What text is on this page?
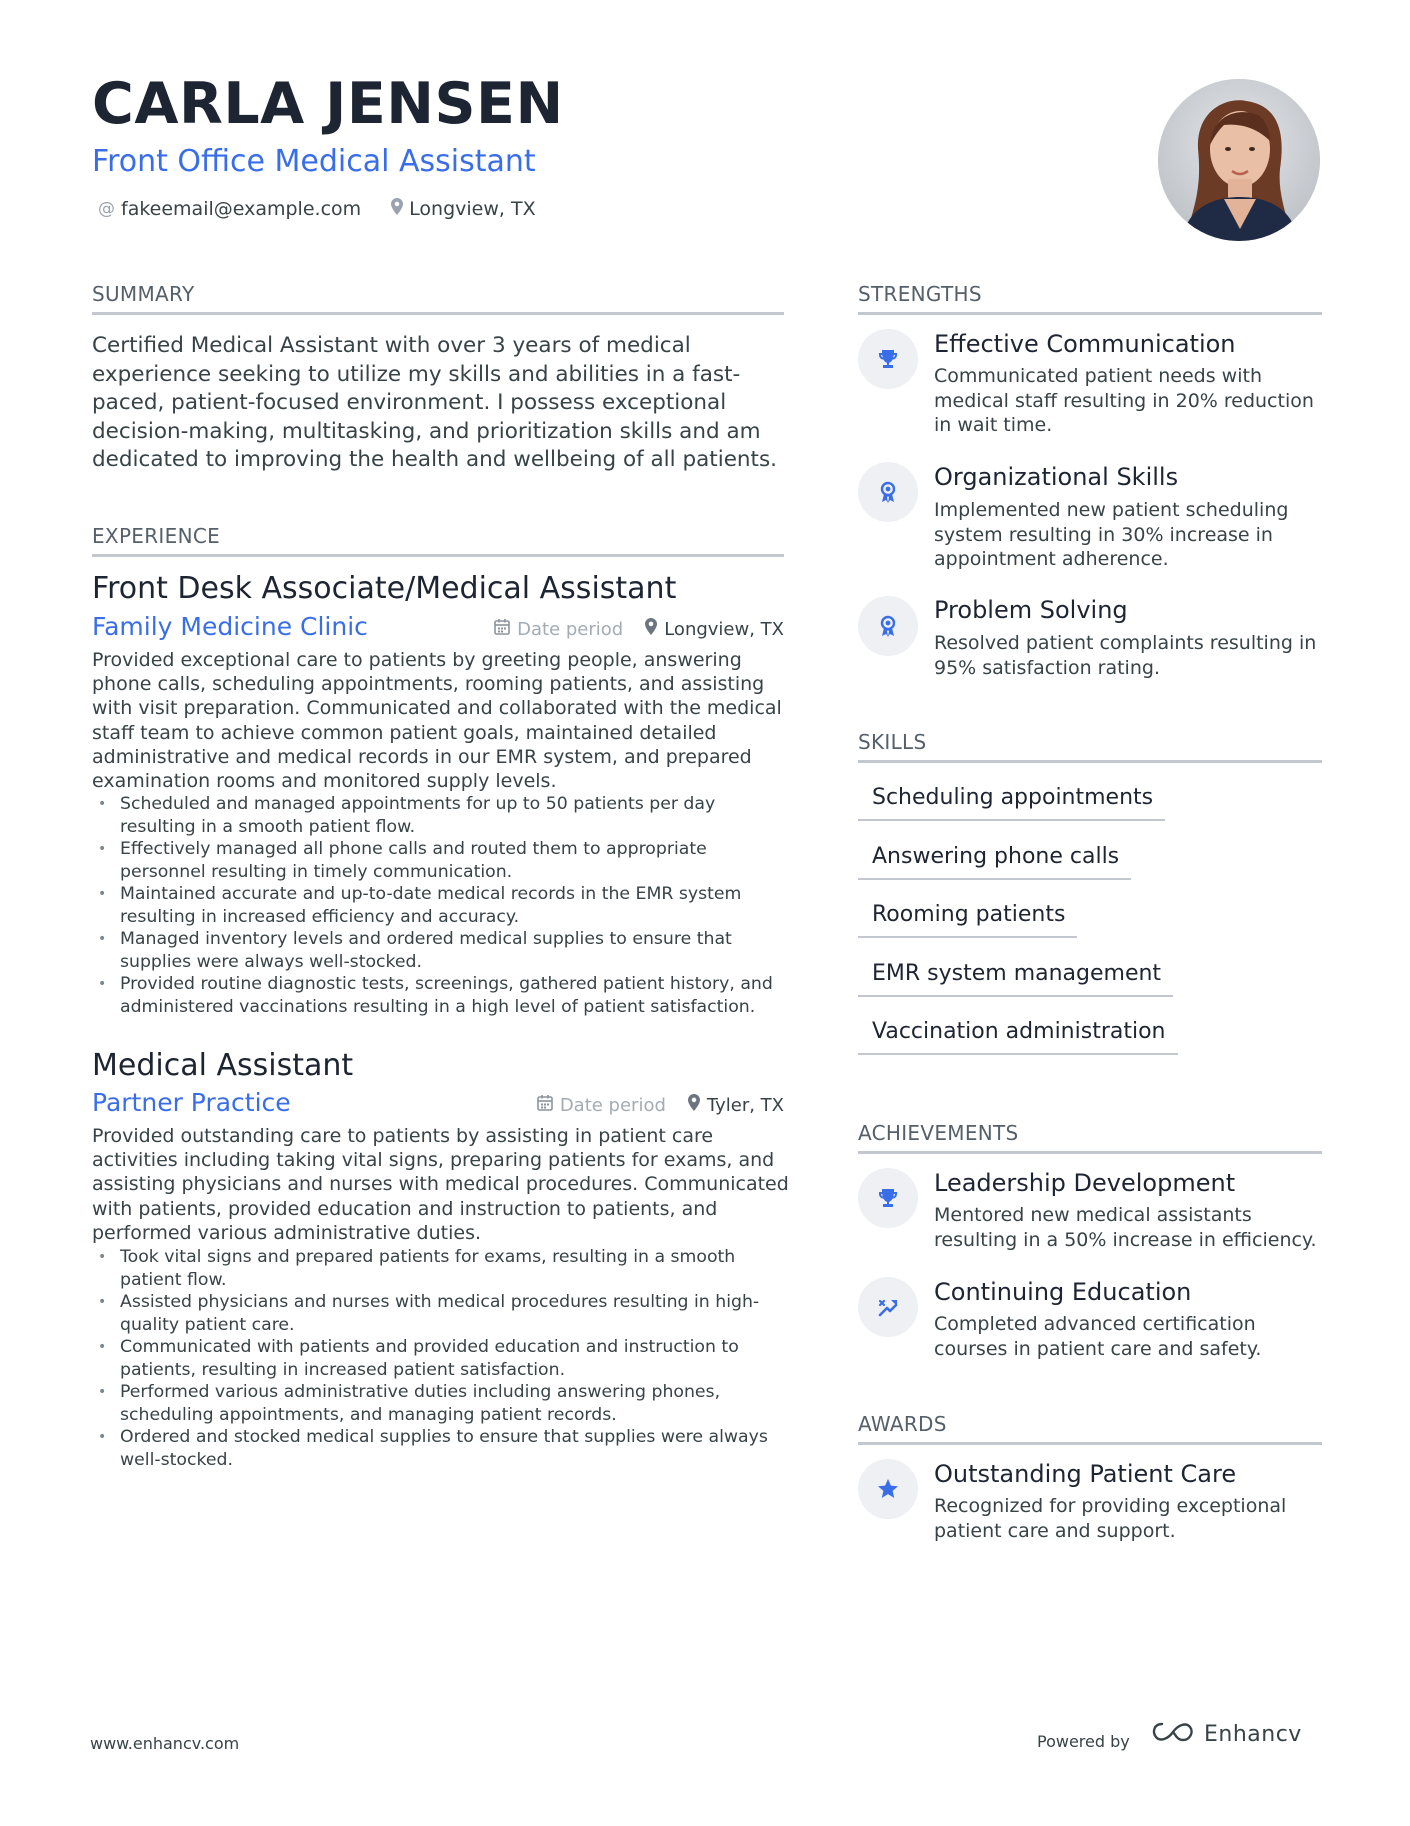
CARLA JENSEN
Front Office Medical Assistant
@ fakeemail@example.com	Longview, TX
SUMMARY
Certified Medical Assistant with over 3 years of medical experience seeking to utilize my skills and abilities in a fast-paced, patient-focused environment. I possess exceptional decision-making, multitasking, and prioritization skills and am dedicated to improving the health and wellbeing of all patients.
EXPERIENCE
Front Desk Associate/Medical Assistant
Family Medicine Clinic	Date period Longview, TX
Provided exceptional care to patients by greeting people, answering phone calls, scheduling appointments, rooming patients, and assisting with visit preparation. Communicated and collaborated with the medical staff team to achieve common patient goals, maintained detailed administrative and medical records in our EMR system, and prepared examination rooms and monitored supply levels.
• Scheduled and managed appointments for up to 50 patients per day resulting in a smooth patient flow.
• Effectively managed all phone calls and routed them to appropriate personnel resulting in timely communication.
• Maintained accurate and up-to-date medical records in the EMR system resulting in increased efficiency and accuracy.
• Managed inventory levels and ordered medical supplies to ensure that supplies were always well-stocked.
• Provided routine diagnostic tests, screenings, gathered patient history, and administered vaccinations resulting in a high level of patient satisfaction.
Medical Assistant
Partner Practice	Date period Tyler, TX
Provided outstanding care to patients by assisting in patient care activities including taking vital signs, preparing patients for exams, and assisting physicians and nurses with medical procedures. Communicated with patients, provided education and instruction to patients, and performed various administrative duties.
• Took vital signs and prepared patients for exams, resulting in a smooth patient flow.
• Assisted physicians and nurses with medical procedures resulting in high-quality patient care.
• Communicated with patients and provided education and instruction to patients, resulting in increased patient satisfaction.
• Performed various administrative duties including answering phones, scheduling appointments, and managing patient records.
• Ordered and stocked medical supplies to ensure that supplies were always well-stocked.
STRENGTHS
Effective Communication
Communicated patient needs with medical staff resulting in 20% reduction in wait time.
Organizational Skills
Implemented new patient scheduling system resulting in 30% increase in appointment adherence.
Problem Solving
Resolved patient complaints resulting in 95% satisfaction rating.
SKILLS
Scheduling appointments
Answering phone calls
Rooming patients
EMR system management
Vaccination administration
ACHIEVEMENTS
Leadership Development
Mentored new medical assistants resulting in a 50% increase in efficiency.
Continuing Education
Completed advanced certification courses in patient care and safety.
AWARDS
Outstanding Patient Care
Recognized for providing exceptional patient care and support.
www.enhancv.com	Powered by	Enhancv
